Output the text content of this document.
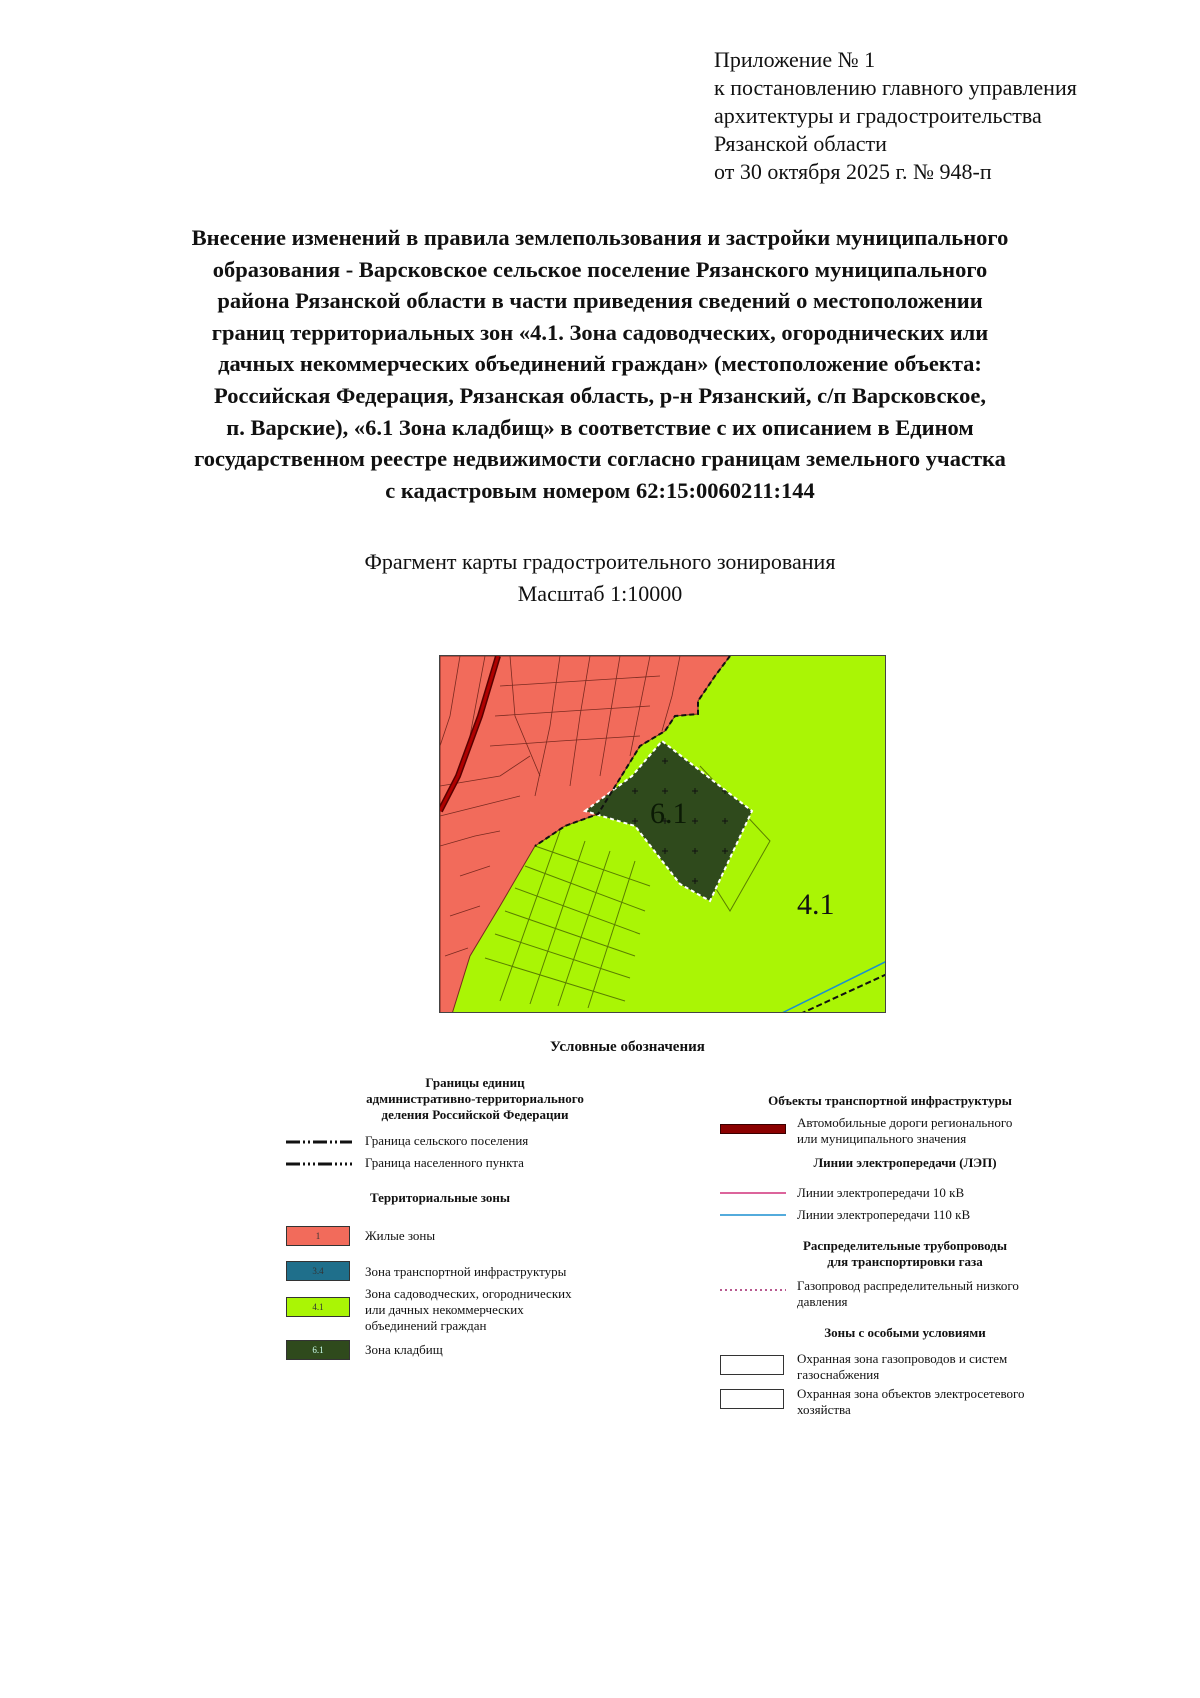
Приложение № 1
к постановлению главного управления
архитектуры и градостроительства
Рязанской области
от 30 октября 2025 г. № 948-п
Внесение изменений в правила землепользования и застройки муниципального
образования - Варсковское сельское поселение Рязанского муниципального
района Рязанской области в части приведения сведений о местоположении
границ территориальных зон «4.1. Зона садоводческих, огороднических или
дачных некоммерческих объединений граждан» (местоположение объекта:
Российская Федерация, Рязанская область, р-н Рязанский, с/п Варсковское,
п. Варские), «6.1 Зона кладбищ» в соответствие с их описанием в Едином
государственном реестре недвижимости согласно границам земельного участка
с кадастровым номером 62:15:0060211:144
Фрагмент карты градостроительного зонирования
Масштаб 1:10000
6.1
4.1
Условные обозначения
Границы единиц
административно-территориального
деления Российской Федерации
Граница сельского поселения
Граница населенного пункта
Территориальные зоны
1	Жилые зоны
3.4	Зона транспортной инфраструктуры
4.1
Зона садоводческих, огороднических
или дачных некоммерческих
объединений граждан
6.1	Зона кладбищ
Объекты транспортной инфраструктуры
Автомобильные дороги регионального
или муниципального значения
Линии электропередачи (ЛЭП)
Линии электропередачи 10 кВ
Линии электропередачи 110 кВ
Распределительные трубопроводы
для транспортировки газа
Газопровод распределительный низкого
давления
Зоны с особыми условиями
Охранная зона газопроводов и систем
газоснабжения
Охранная зона объектов электросетевого
хозяйства
